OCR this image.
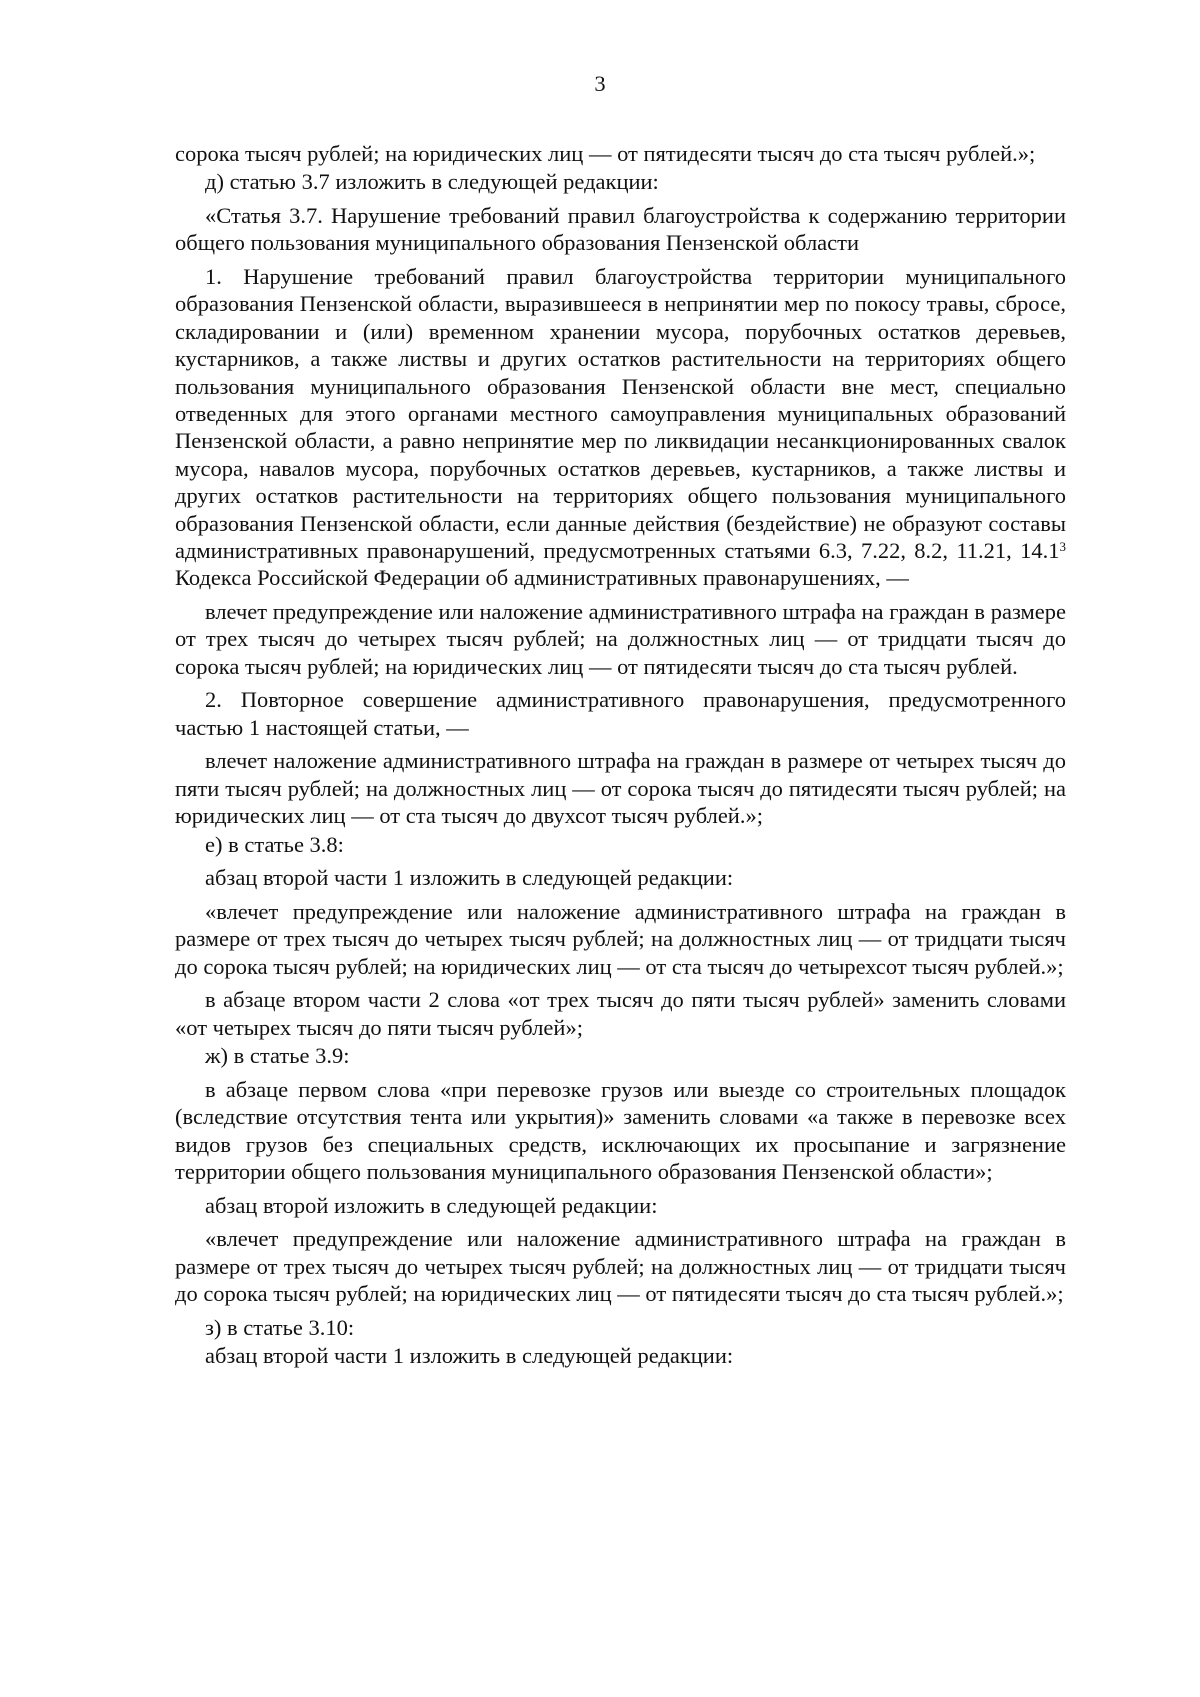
3

сорока тысяч рублей; на юридических лиц — от пятидесяти тысяч до ста тысяч рублей.»;

д) статью 3.7 изложить в следующей редакции:

«Статья 3.7. Нарушение требований правил благоустройства к содержанию территории общего пользования муниципального образования Пензенской области

1. Нарушение требований правил благоустройства территории муниципального образования Пензенской области, выразившееся в непринятии мер по покосу травы, сбросе, складировании и (или) временном хранении мусора, порубочных остатков деревьев, кустарников, а также листвы и других остатков растительности на территориях общего пользования муниципального образования Пензенской области вне мест, специально отведенных для этого органами местного самоуправления муниципальных образований Пензенской области, а равно непринятие мер по ликвидации несанкционированных свалок мусора, навалов мусора, порубочных остатков деревьев, кустарников, а также листвы и других остатков растительности на территориях общего пользования муниципального образования Пензенской области, если данные действия (бездействие) не образуют составы административных правонарушений, предусмотренных статьями 6.3, 7.22, 8.2, 11.21, 14.1$^3$ Кодекса Российской Федерации об административных правонарушениях, —

влечет предупреждение или наложение административного штрафа на граждан в размере от трех тысяч до четырех тысяч рублей; на должностных лиц — от тридцати тысяч до сорока тысяч рублей; на юридических лиц — от пятидесяти тысяч до ста тысяч рублей.

2. Повторное совершение административного правонарушения, предусмотренного частью 1 настоящей статьи, —

влечет наложение административного штрафа на граждан в размере от четырех тысяч до пяти тысяч рублей; на должностных лиц — от сорока тысяч до пятидесяти тысяч рублей; на юридических лиц — от ста тысяч до двухсот тысяч рублей.»;

е) в статье 3.8:

абзац второй части 1 изложить в следующей редакции:

«влечет предупреждение или наложение административного штрафа на граждан в размере от трех тысяч до четырех тысяч рублей; на должностных лиц — от тридцати тысяч до сорока тысяч рублей; на юридических лиц — от ста тысяч до четырехсот тысяч рублей.»;

в абзаце втором части 2 слова «от трех тысяч до пяти тысяч рублей» заменить словами «от четырех тысяч до пяти тысяч рублей»;

ж) в статье 3.9:

в абзаце первом слова «при перевозке грузов или выезде со строительных площадок (вследствие отсутствия тента или укрытия)» заменить словами «а также в перевозке всех видов грузов без специальных средств, исключающих их просыпание и загрязнение территории общего пользования муниципального образования Пензенской области»;

абзац второй изложить в следующей редакции:

«влечет предупреждение или наложение административного штрафа на граждан в размере от трех тысяч до четырех тысяч рублей; на должностных лиц — от тридцати тысяч до сорока тысяч рублей; на юридических лиц — от пятидесяти тысяч до ста тысяч рублей.»;

з) в статье 3.10:

абзац второй части 1 изложить в следующей редакции:
